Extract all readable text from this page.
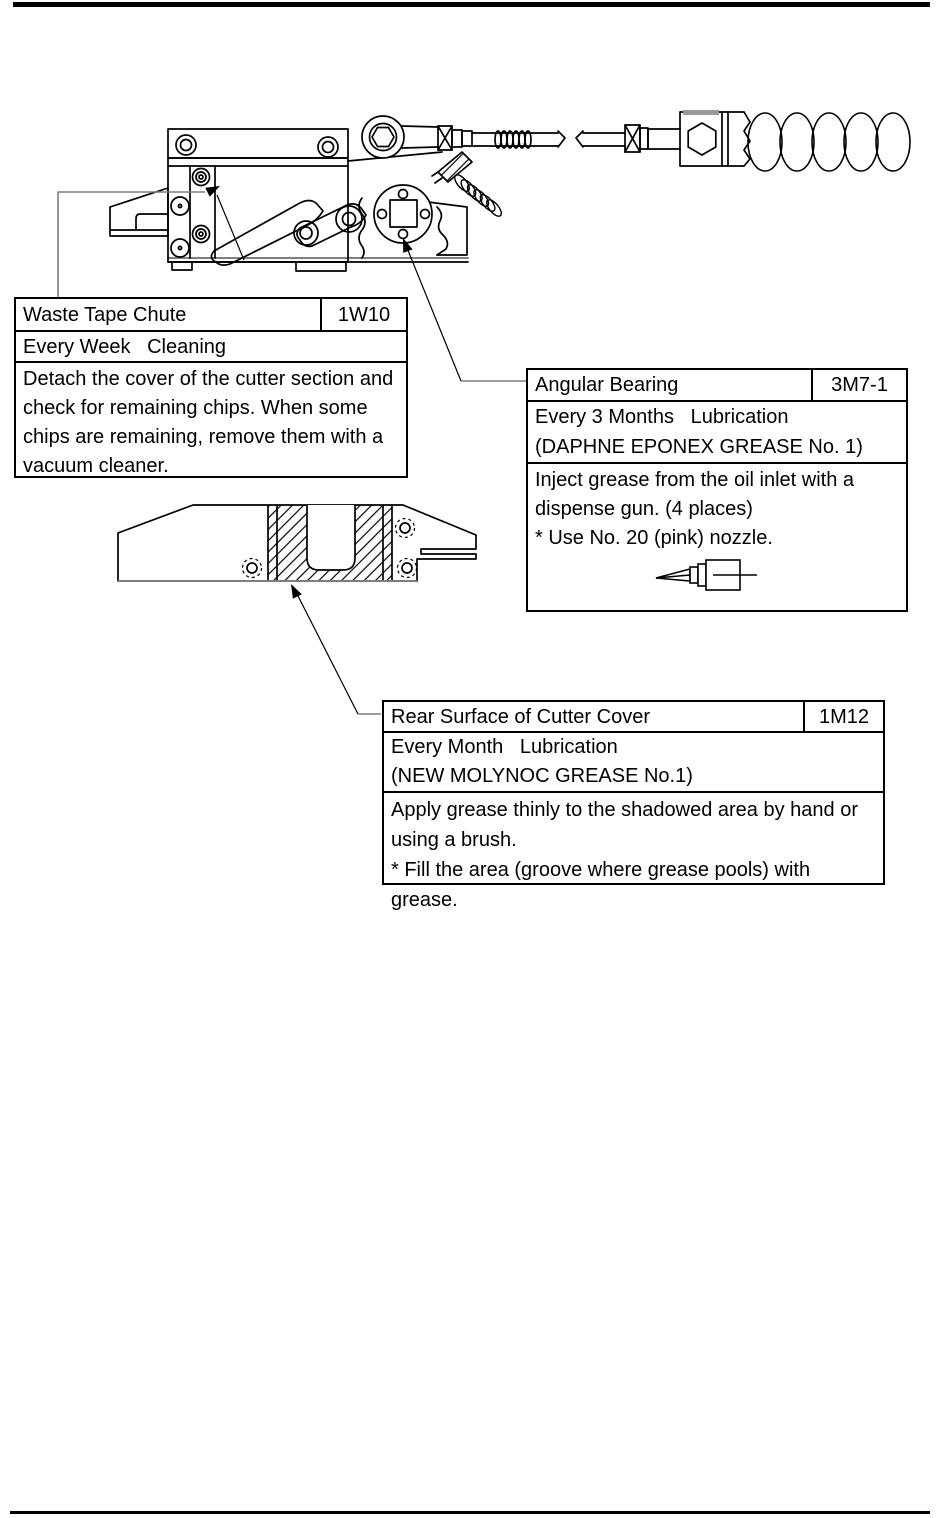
Waste Tape Chute	1W10
Every Week   Cleaning
Detach the cover of the cutter section and
check for remaining chips. When some
chips are remaining, remove them with a
vacuum cleaner.
Angular Bearing	3M7-1
Every 3 Months   Lubrication
(DAPHNE EPONEX GREASE No. 1)
Inject grease from the oil inlet with a
dispense gun. (4 places)
* Use No. 20 (pink) nozzle.
Rear Surface of Cutter Cover	1M12
Every Month   Lubrication
(NEW MOLYNOC GREASE No.1)
Apply grease thinly to the shadowed area by hand or
using a brush.
* Fill the area (groove where grease pools) with grease.
